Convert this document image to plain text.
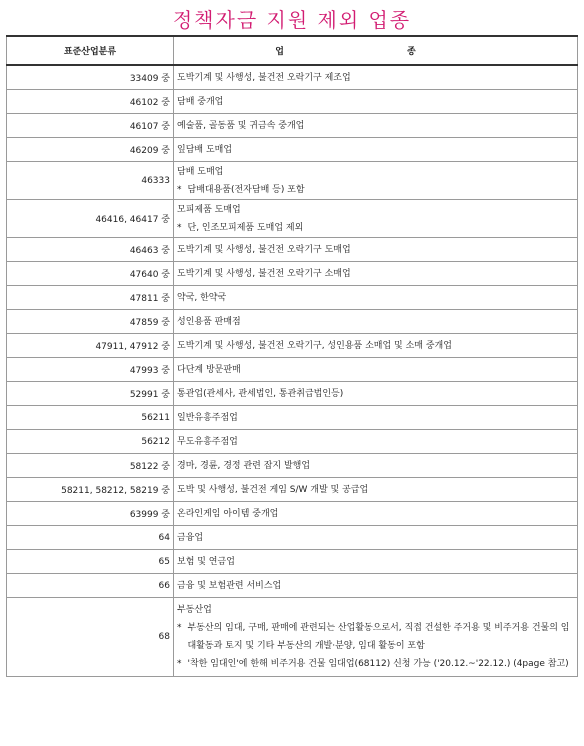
정책자금 지원 제외 업종
표준산업분류	업 종
33409 중	도박기계 및 사행성, 불건전 오락기구 제조업

46102 중	담배 중개업

46107 중	예술품, 골동품 및 귀금속 중개업

46209 중	잎담배 도매업

46333	담배 도매업
* 담배대용품(전자담배 등) 포함

46416, 46417 중	모피제품 도매업
* 단, 인조모피제품 도매업 제외

46463 중	도박기계 및 사행성, 불건전 오락기구 도매업

47640 중	도박기계 및 사행성, 불건전 오락기구 소매업

47811 중	약국, 한약국

47859 중	성인용품 판매점

47911, 47912 중	도박기계 및 사행성, 불건전 오락기구, 성인용품 소매업 및 소매 중개업

47993 중	다단계 방문판매

52991 중	통관업(관세사, 관세법인, 통관취급법인등)

56211	일반유흥주점업

56212	무도유흥주점업

58122 중	경마, 경륜, 경정 관련 잡지 발행업

58211, 58212, 58219 중	도박 및 사행성, 불건전 게임 S/W 개발 및 공급업

63999 중	온라인게임 아이템 중개업

64	금융업

65	보험 및 연금업

66	금융 및 보험관련 서비스업

68	부동산업
* 부동산의 임대, 구매, 판매에 관련되는 산업활동으로서, 직접 건설한 주거용 및 비주거용 건물의 임대활동과 토지 및 기타 부동산의 개발·분양, 임대 활동이 포함
* '착한 임대인'에 한해 비주거용 건물 임대업(68112) 신청 가능 ('20.12.~'22.12.) (4page 참고)
